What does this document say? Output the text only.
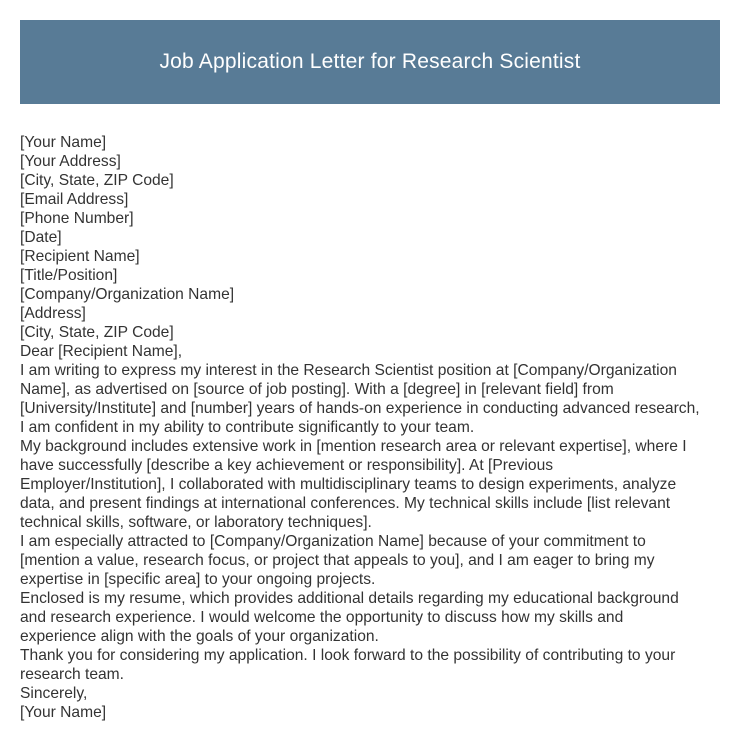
Job Application Letter for Research Scientist
[Your Name]
[Your Address]
[City, State, ZIP Code]
[Email Address]
[Phone Number]
[Date]
[Recipient Name]
[Title/Position]
[Company/Organization Name]
[Address]
[City, State, ZIP Code]
Dear [Recipient Name],
I am writing to express my interest in the Research Scientist position at [Company/Organization
Name], as advertised on [source of job posting]. With a [degree] in [relevant field] from
[University/Institute] and [number] years of hands-on experience in conducting advanced research,
I am confident in my ability to contribute significantly to your team.
My background includes extensive work in [mention research area or relevant expertise], where I
have successfully [describe a key achievement or responsibility]. At [Previous
Employer/Institution], I collaborated with multidisciplinary teams to design experiments, analyze
data, and present findings at international conferences. My technical skills include [list relevant
technical skills, software, or laboratory techniques].
I am especially attracted to [Company/Organization Name] because of your commitment to
[mention a value, research focus, or project that appeals to you], and I am eager to bring my
expertise in [specific area] to your ongoing projects.
Enclosed is my resume, which provides additional details regarding my educational background
and research experience. I would welcome the opportunity to discuss how my skills and
experience align with the goals of your organization.
Thank you for considering my application. I look forward to the possibility of contributing to your
research team.
Sincerely,
[Your Name]
